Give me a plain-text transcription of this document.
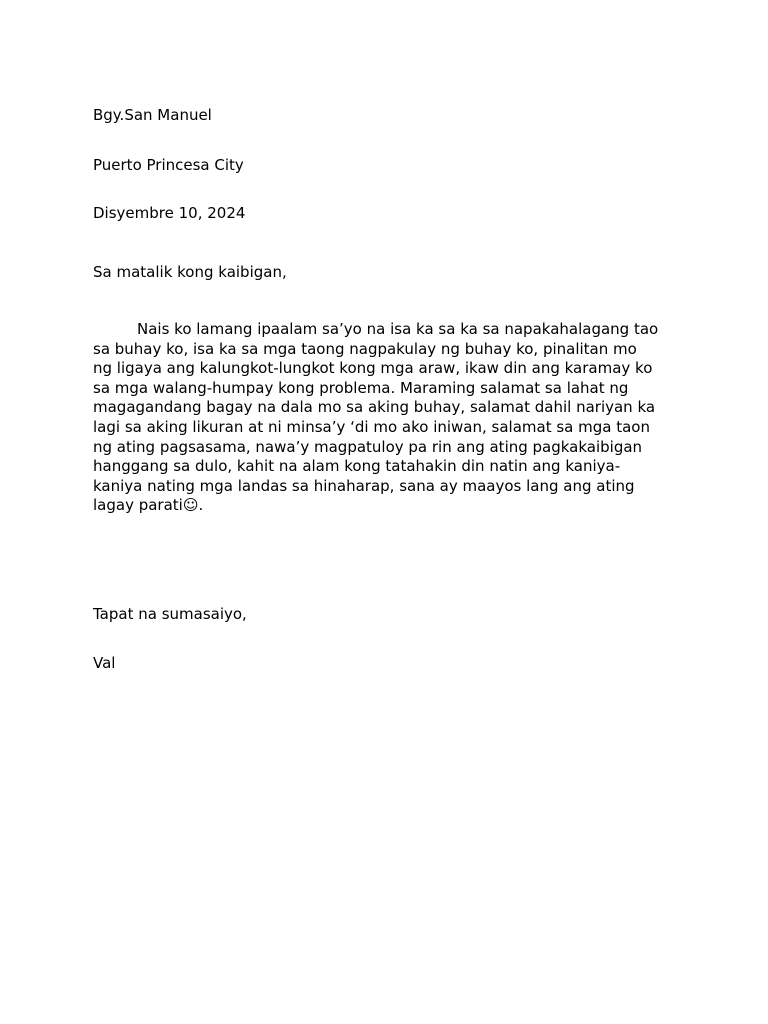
Bgy.San Manuel
Puerto Princesa City
Disyembre 10, 2024
Sa matalik kong kaibigan,
Nais ko lamang ipaalam sa’yo na isa ka sa ka sa napakahalagang tao
sa buhay ko, isa ka sa mga taong nagpakulay ng buhay ko, pinalitan mo
ng ligaya ang kalungkot-lungkot kong mga araw, ikaw din ang karamay ko
sa mga walang-humpay kong problema. Maraming salamat sa lahat ng
magagandang bagay na dala mo sa aking buhay, salamat dahil nariyan ka
lagi sa aking likuran at ni minsa’y ‘di mo ako iniwan, salamat sa mga taon
ng ating pagsasama, nawa’y magpatuloy pa rin ang ating pagkakaibigan
hanggang sa dulo, kahit na alam kong tatahakin din natin ang kaniya-
kaniya nating mga landas sa hinaharap, sana ay maayos lang ang ating
lagay parati☺.
Tapat na sumasaiyo,
Val
